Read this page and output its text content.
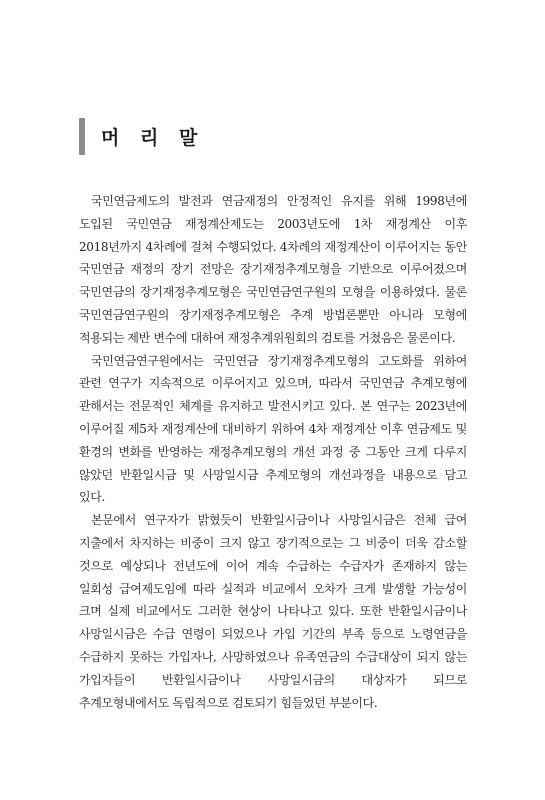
머 리 말

국민연금제도의 발전과 연금재정의 안정적인 유지를 위해 1998년에 도입된 국민연금 재정계산제도는 2003년도에 1차 재정계산 이후 2018년까지 4차례에 걸쳐 수행되었다. 4차례의 재정계산이 이루어지는 동안 국민연금 재정의 장기 전망은 장기재정추계모형을 기반으로 이루어졌으며 국민연금의 장기재정추계모형은 국민연금연구원의 모형을 이용하였다. 물론 국민연금연구원의 장기재정추계모형은 추계 방법론뿐만 아니라 모형에 적용되는 제반 변수에 대하여 재정추계위원회의 검토를 거쳤음은 물론이다.

국민연금연구원에서는 국민연금 장기재정추계모형의 고도화를 위하여 관련 연구가 지속적으로 이루어지고 있으며, 따라서 국민연금 추계모형에 관해서는 전문적인 체계를 유지하고 발전시키고 있다. 본 연구는 2023년에 이루어질 제5차 재정계산에 대비하기 위하여 4차 재정계산 이후 연금제도 및 환경의 변화를 반영하는 재정추계모형의 개선 과정 중 그동안 크게 다루지 않았던 반환일시금 및 사망일시금 추계모형의 개선과정을 내용으로 담고 있다.

본문에서 연구자가 밝혔듯이 반환일시금이나 사망일시금은 전체 급여 지출에서 차지하는 비중이 크지 않고 장기적으로는 그 비중이 더욱 감소할 것으로 예상되나 전년도에 이어 계속 수급하는 수급자가 존재하지 않는 일회성 급여제도임에 따라 실적과 비교에서 오차가 크게 발생할 가능성이 크며 실제 비교에서도 그러한 현상이 나타나고 있다. 또한 반환일시금이나 사망일시금은 수급 연령이 되었으나 가입 기간의 부족 등으로 노령연금을 수급하지 못하는 가입자나, 사망하였으나 유족연금의 수급대상이 되지 않는 가입자들이 반환일시금이나 사망일시금의 대상자가 되므로 추계모형내에서도 독립적으로 검토되기 힘들었던 부분이다.
